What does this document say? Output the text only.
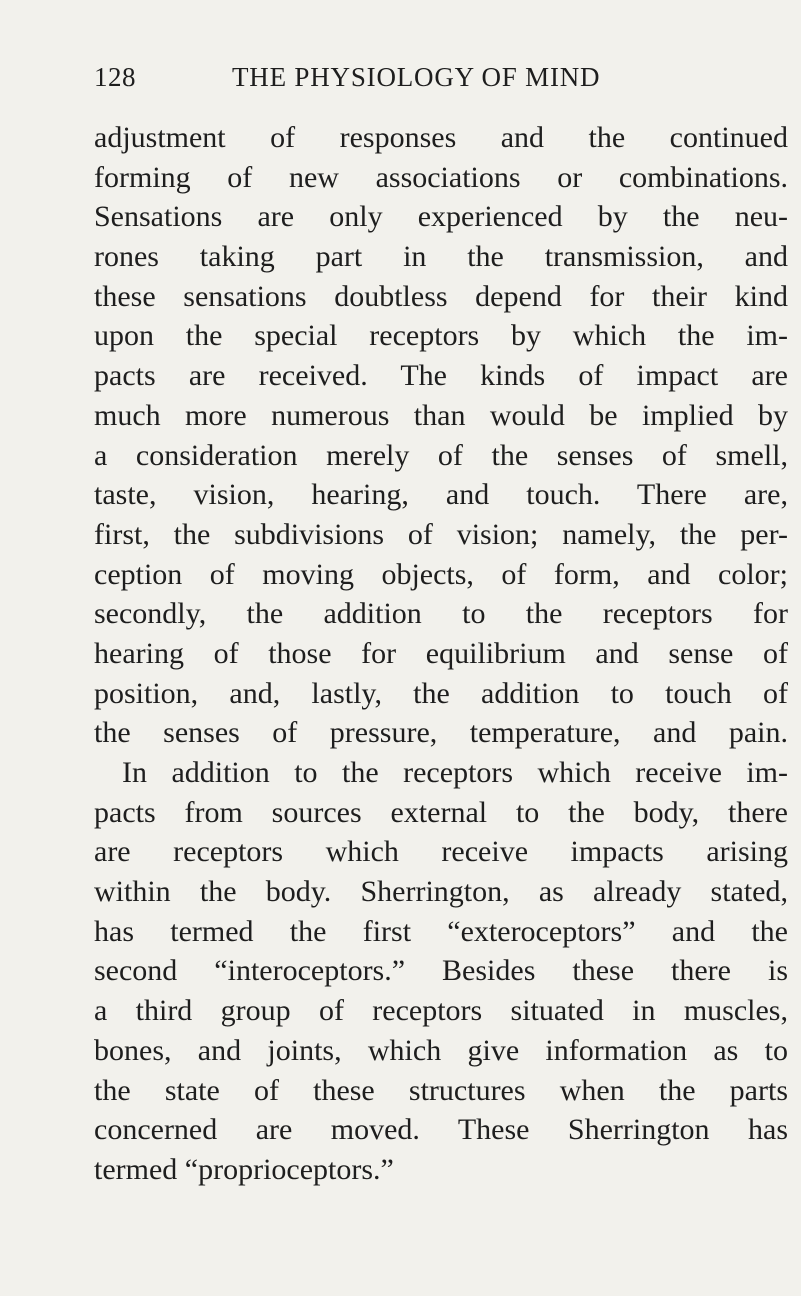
128	THE PHYSIOLOGY OF MIND
adjustment of responses and the continued
forming of new associations or combinations.
Sensations are only experienced by the neu-
rones taking part in the transmission, and
these sensations doubtless depend for their kind
upon the special receptors by which the im-
pacts are received. The kinds of impact are
much more numerous than would be implied by
a consideration merely of the senses of smell,
taste, vision, hearing, and touch. There are,
first, the subdivisions of vision; namely, the per-
ception of moving objects, of form, and color;
secondly, the addition to the receptors for
hearing of those for equilibrium and sense of
position, and, lastly, the addition to touch of
the senses of pressure, temperature, and pain.
In addition to the receptors which receive im-
pacts from sources external to the body, there
are receptors which receive impacts arising
within the body. Sherrington, as already stated,
has termed the first “exteroceptors” and the
second “interoceptors.” Besides these there is
a third group of receptors situated in muscles,
bones, and joints, which give information as to
the state of these structures when the parts
concerned are moved. These Sherrington has
termed “proprioceptors.”
